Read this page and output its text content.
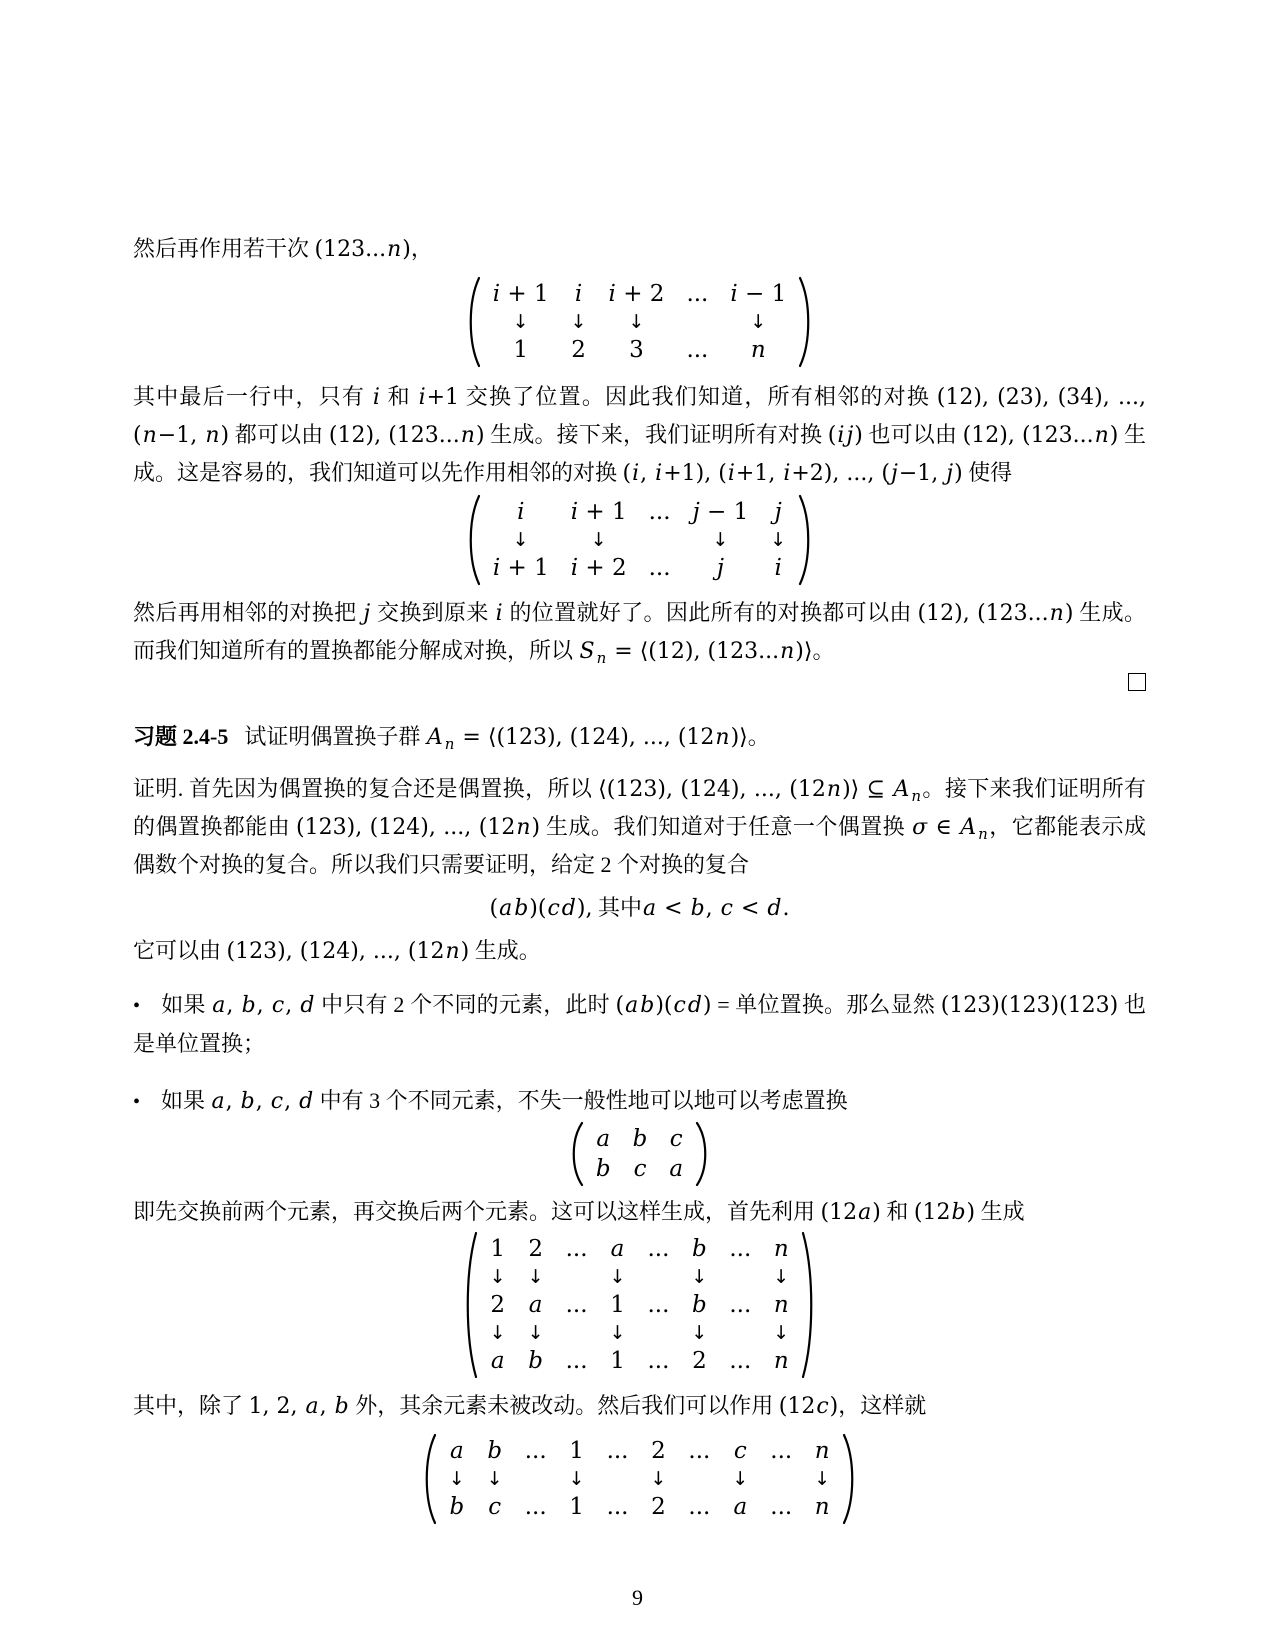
然后再作用若干次 (123...n)，

i + 1	i	i + 2	...	i − 1
↓	↓	↓		↓
1	2	3	...	n

其中最后一行中，只有 i 和 i+1 交换了位置。因此我们知道，所有相邻的对换 (12), (23), (34), ..., (n−1, n) 都可以由 (12), (123...n) 生成。接下来，我们证明所有对换 (ij) 也可以由 (12), (123...n) 生成。这是容易的，我们知道可以先作用相邻的对换 (i, i+1), (i+1, i+2), ..., (j−1, j) 使得

i	i + 1	...	j − 1	j
↓	↓		↓	↓
i + 1	i + 2	...	j	i

然后再用相邻的对换把 j 交换到原来 i 的位置就好了。因此所有的对换都可以由 (12), (123...n) 生成。而我们知道所有的置换都能分解成对换，所以 S $_n$ = ⟨(12), (123...n)⟩。

习题 2.4-5 试证明偶置换子群 A $_n$ = ⟨(123), (124), ..., (12n)⟩。

证明. 首先因为偶置换的复合还是偶置换，所以 ⟨(123), (124), ..., (12n)⟩ ⊆ A $_n$。接下来我们证明所有的偶置换都能由 (123), (124), ..., (12n) 生成。我们知道对于任意一个偶置换 σ ∈ A $_n$，它都能表示成偶数个对换的复合。所以我们只需要证明，给定 2 个对换的复合

(ab)(cd), 其中a < b, c < d.

它可以由 (123), (124), ..., (12n) 生成。

• 如果 a, b, c, d 中只有 2 个不同的元素，此时 (ab)(cd) = 单位置换。那么显然 (123)(123)(123) 也是单位置换；

• 如果 a, b, c, d 中有 3 个不同元素，不失一般性地可以地可以考虑置换

a	b	c
b	c	a

即先交换前两个元素，再交换后两个元素。这可以这样生成，首先利用 (12a) 和 (12b) 生成

1	2	...	a	...	b	...	n
↓	↓		↓		↓		↓
2	a	...	1	...	b	...	n
↓	↓		↓		↓		↓
a	b	...	1	...	2	...	n

其中，除了 1, 2, a, b 外，其余元素未被改动。然后我们可以作用 (12c)，这样就

a	b	...	1	...	2	...	c	...	n
↓	↓		↓		↓		↓		↓
b	c	...	1	...	2	...	a	...	n
9
